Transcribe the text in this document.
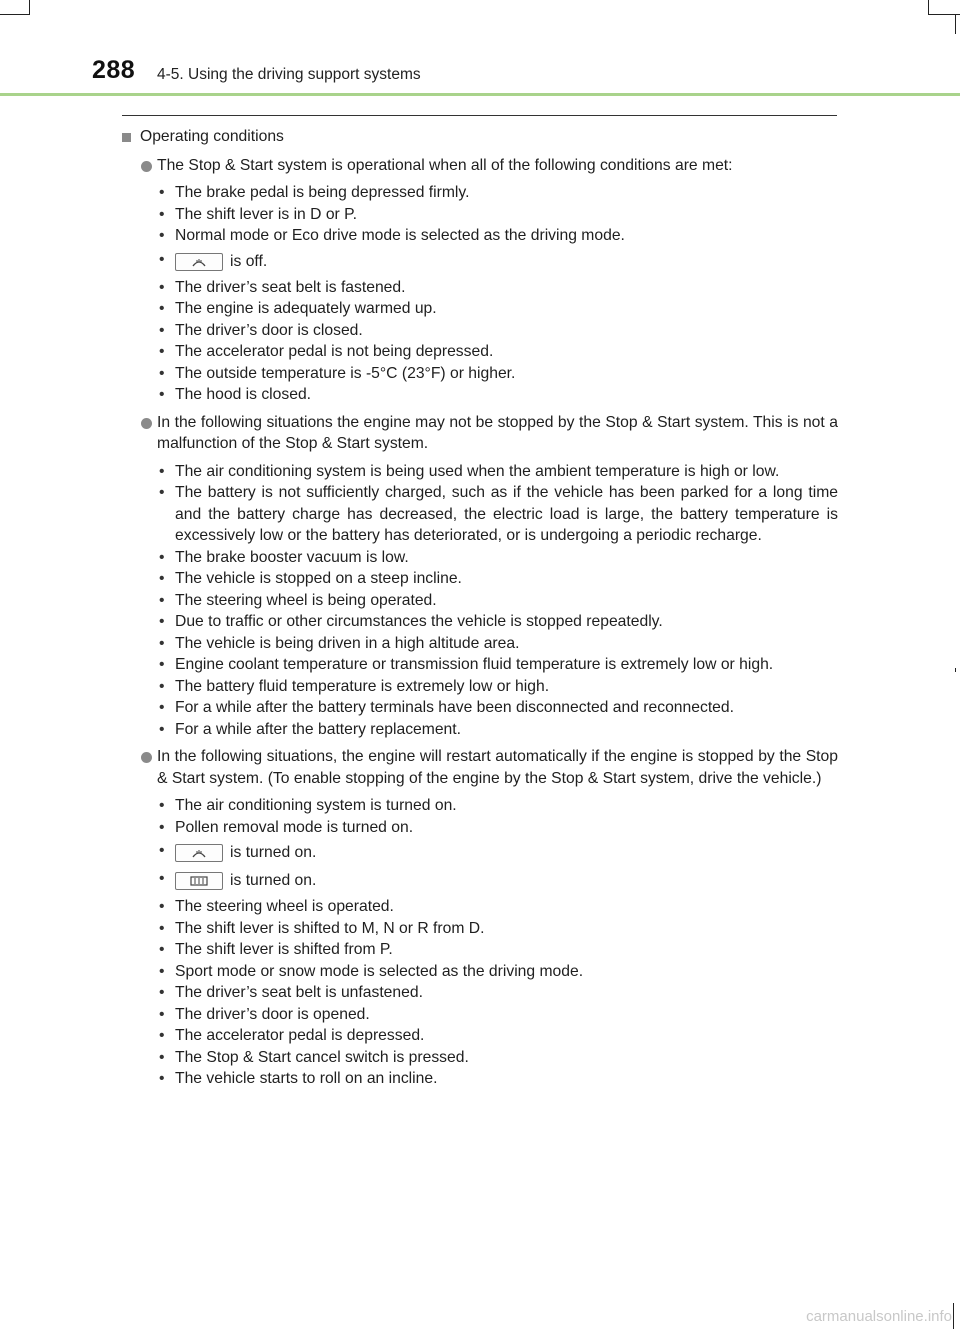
288 4-5. Using the driving support systems
Operating conditions
The Stop & Start system is operational when all of the following conditions are met:
• The brake pedal is being depressed firmly.
• The shift lever is in D or P.
• Normal mode or Eco drive mode is selected as the driving mode.
• is off.
• The driver’s seat belt is fastened.
• The engine is adequately warmed up.
• The driver’s door is closed.
• The accelerator pedal is not being depressed.
• The outside temperature is -5°C (23°F) or higher.
• The hood is closed.
In the following situations the engine may not be stopped by the Stop & Start system. This is not a malfunction of the Stop & Start system.
• The air conditioning system is being used when the ambient temperature is high or low.
• The battery is not sufficiently charged, such as if the vehicle has been parked for a long time and the battery charge has decreased, the electric load is large, the battery temperature is excessively low or the battery has deteriorated, or is undergoing a periodic recharge.
• The brake booster vacuum is low.
• The vehicle is stopped on a steep incline.
• The steering wheel is being operated.
• Due to traffic or other circumstances the vehicle is stopped repeatedly.
• The vehicle is being driven in a high altitude area.
• Engine coolant temperature or transmission fluid temperature is extremely low or high.
• The battery fluid temperature is extremely low or high.
• For a while after the battery terminals have been disconnected and reconnected.
• For a while after the battery replacement.
In the following situations, the engine will restart automatically if the engine is stopped by the Stop & Start system. (To enable stopping of the engine by the Stop & Start system, drive the vehicle.)
• The air conditioning system is turned on.
• Pollen removal mode is turned on.
• is turned on.
• is turned on.
• The steering wheel is operated.
• The shift lever is shifted to M, N or R from D.
• The shift lever is shifted from P.
• Sport mode or snow mode is selected as the driving mode.
• The driver’s seat belt is unfastened.
• The driver’s door is opened.
• The accelerator pedal is depressed.
• The Stop & Start cancel switch is pressed.
• The vehicle starts to roll on an incline.
carmanualsonline.info
